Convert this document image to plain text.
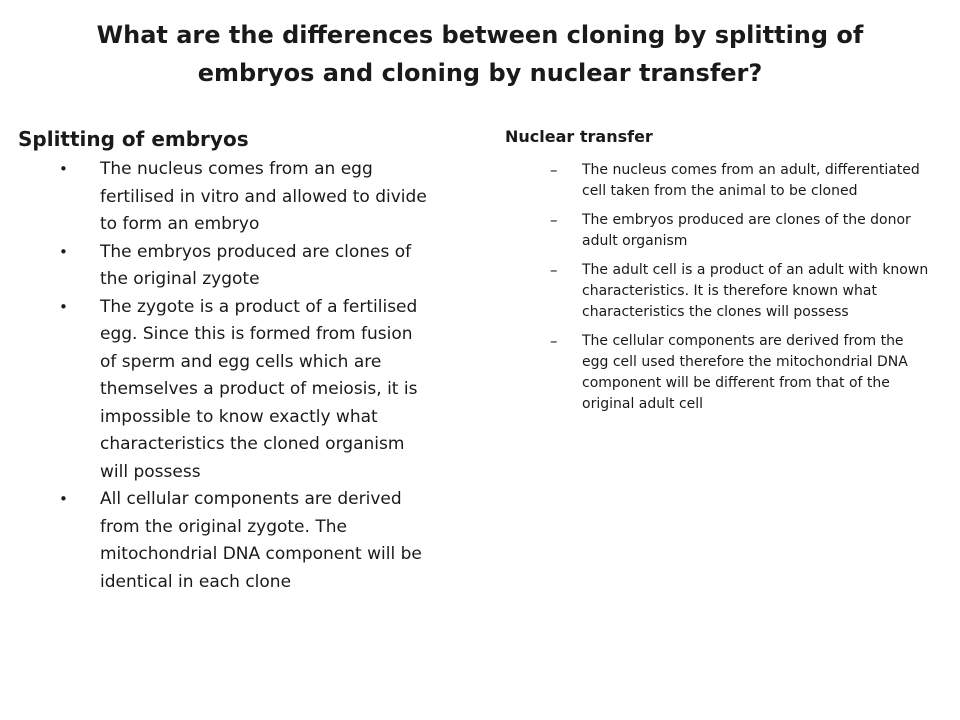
What are the differences between cloning by splitting of
embryos and cloning by nuclear transfer?
Splitting of embryos
• The nucleus comes from an egg fertilised in vitro and allowed to divide to form an embryo
• The embryos produced are clones of the original zygote
• The zygote is a product of a fertilised egg. Since this is formed from fusion of sperm and egg cells which are themselves a product of meiosis, it is impossible to know exactly what characteristics the cloned organism will possess
• All cellular components are derived from the original zygote. The mitochondrial DNA component will be identical in each clone
Nuclear transfer
– The nucleus comes from an adult, differentiated cell taken from the animal to be cloned
– The embryos produced are clones of the donor adult organism
– The adult cell is a product of an adult with known characteristics. It is therefore known what characteristics the clones will possess
– The cellular components are derived from the egg cell used therefore the mitochondrial DNA component will be different from that of the original adult cell
